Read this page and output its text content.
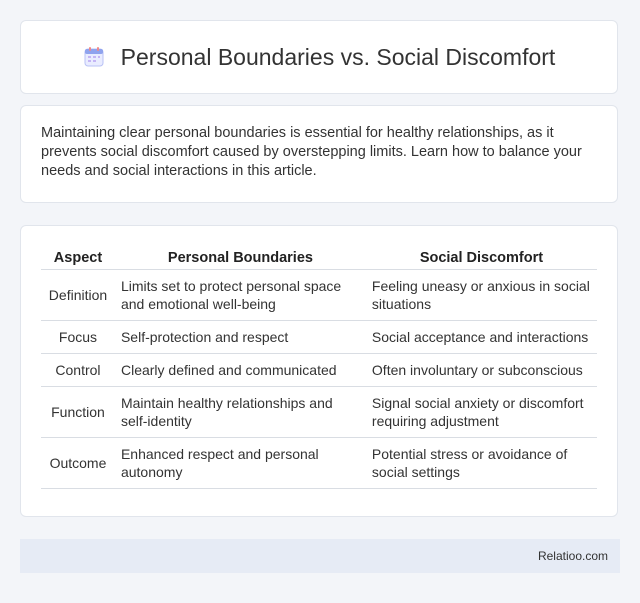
Personal Boundaries vs. Social Discomfort

Maintaining clear personal boundaries is essential for healthy relationships, as it prevents social discomfort caused by overstepping limits. Learn how to balance your needs and social interactions in this article.

Aspect	Personal Boundaries	Social Discomfort
Definition	Limits set to protect personal space and emotional well-being	Feeling uneasy or anxious in social situations
Focus	Self-protection and respect	Social acceptance and interactions
Control	Clearly defined and communicated	Often involuntary or subconscious
Function	Maintain healthy relationships and self-identity	Signal social anxiety or discomfort requiring adjustment
Outcome	Enhanced respect and personal autonomy	Potential stress or avoidance of social settings
Relatioo.com
